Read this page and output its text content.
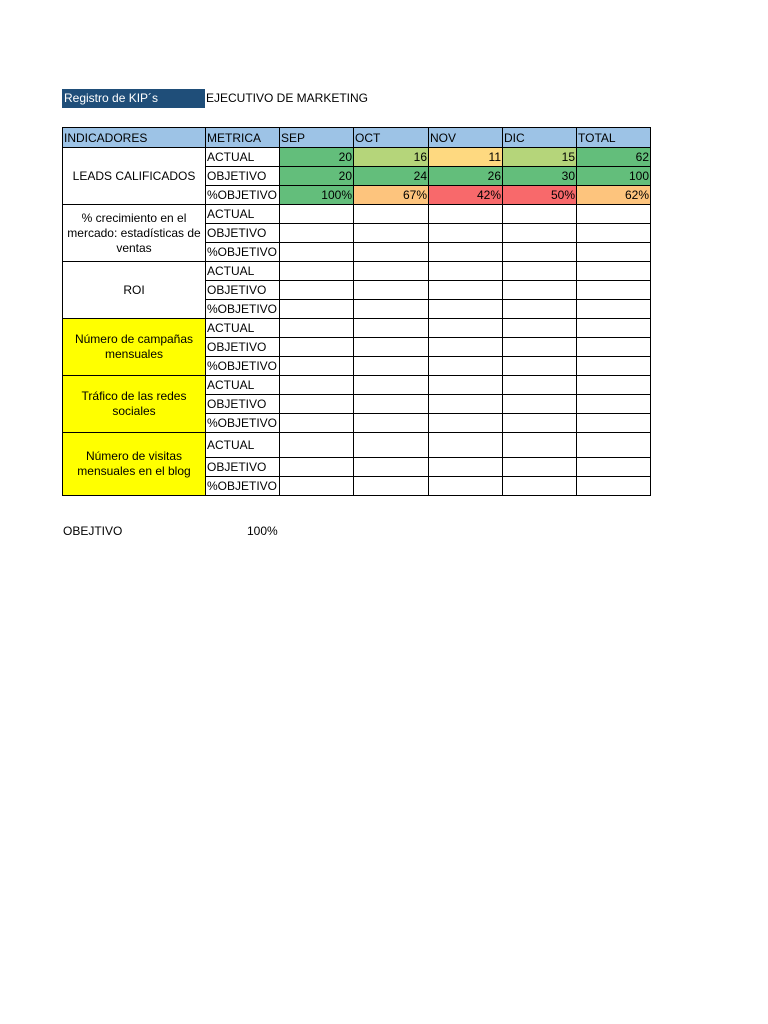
Registro de KIP´s	EJECUTIVO DE MARKETING
INDICADORES	METRICA	SEP	OCT	NOV	DIC	TOTAL
LEADS CALIFICADOS	ACTUAL	20	16	11	15	62
	OBJETIVO	20	24	26	30	100
	%OBJETIVO	100%	67%	42%	50%	62%
% crecimiento en el mercado: estadísticas de ventas	ACTUAL					
	OBJETIVO					
	%OBJETIVO					
ROI	ACTUAL					
	OBJETIVO					
	%OBJETIVO					
Número de campañas mensuales	ACTUAL					
	OBJETIVO					
	%OBJETIVO					
Tráfico de las redes sociales	ACTUAL					
	OBJETIVO					
	%OBJETIVO					
Número de visitas mensuales en el blog	ACTUAL					
	OBJETIVO					
	%OBJETIVO					
OBEJTIVO	100%
